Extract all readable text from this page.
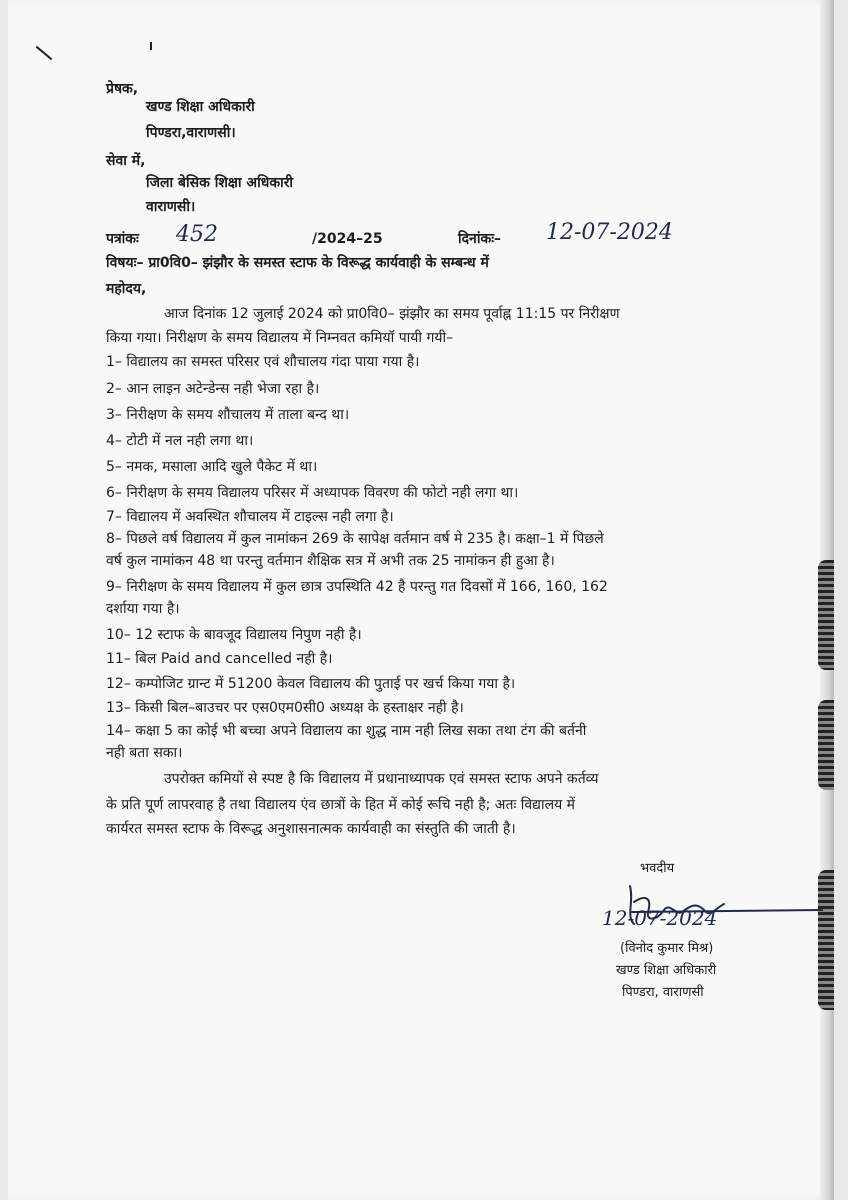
प्रेषक,
खण्ड शिक्षा अधिकारी
पिण्डरा,वाराणसी।
सेवा में,
जिला बेसिक शिक्षा अधिकारी
वाराणसी।
पत्रांकः 452	/2024–25	दिनांकः– 12-07-2024
विषयः– प्रा0वि0– झंझौर के समस्त स्टाफ के विरूद्ध कार्यवाही के सम्बन्ध में
महोदय,
आज दिनांक 12 जुलाई 2024 को प्रा0वि0– झंझौर का समय पूर्वाह्न 11:15 पर निरीक्षण
किया गया। निरीक्षण के समय विद्यालय में निम्नवत कमियॉ पायी गयी–
1– विद्यालय का समस्त परिसर एवं शौचालय गंदा पाया गया है।
2– आन लाइन अटेन्डेन्स नही भेजा रहा है।
3– निरीक्षण के समय शौचालय में ताला बन्द था।
4– टोटी में नल नही लगा था।
5– नमक, मसाला आदि खुले पैकेट में था।
6– निरीक्षण के समय विद्यालय परिसर में अध्यापक विवरण की फोटो नही लगा था।
7– विद्यालय में अवस्थित शौचालय में टाइल्स नही लगा है।
8– पिछले वर्ष विद्यालय में कुल नामांकन 269 के सापेक्ष वर्तमान वर्ष मे 235 है। कक्षा–1 में पिछले
वर्ष कुल नामांकन 48 था परन्तु वर्तमान शैक्षिक सत्र में अभी तक 25 नामांकन ही हुआ है।
9– निरीक्षण के समय विद्यालय में कुल छात्र उपस्थिति 42 है परन्तु गत दिवसों में 166, 160, 162
दर्शाया गया है।
10– 12 स्टाफ के बावजूद विद्यालय निपुण नही है।
11– बिल Paid and cancelled नही है।
12– कम्पोजिट ग्रान्ट में 51200 केवल विद्यालय की पुताई पर खर्च किया गया है।
13– किसी बिल–बाउचर पर एस0एम0सी0 अध्यक्ष के हस्ताक्षर नही है।
14– कक्षा 5 का कोई भी बच्चा अपने विद्यालय का शुद्ध नाम नही लिख सका तथा टंग की बर्तनी
नही बता सका।
उपरोक्त कमियों से स्पष्ट है कि विद्यालय में प्रधानाध्यापक एवं समस्त स्टाफ अपने कर्तव्य
के प्रति पूर्ण लापरवाह है तथा विद्यालय एंव छात्रों के हित में कोई रूचि नही है; अतः विद्यालय में
कार्यरत समस्त स्टाफ के विरूद्ध अनुशासनात्मक कार्यवाही का संस्तुति की जाती है।
भवदीय
12-07-2024
(विनोद कुमार मिश्र)
खण्ड शिक्षा अधिकारी
पिण्डरा, वाराणसी
